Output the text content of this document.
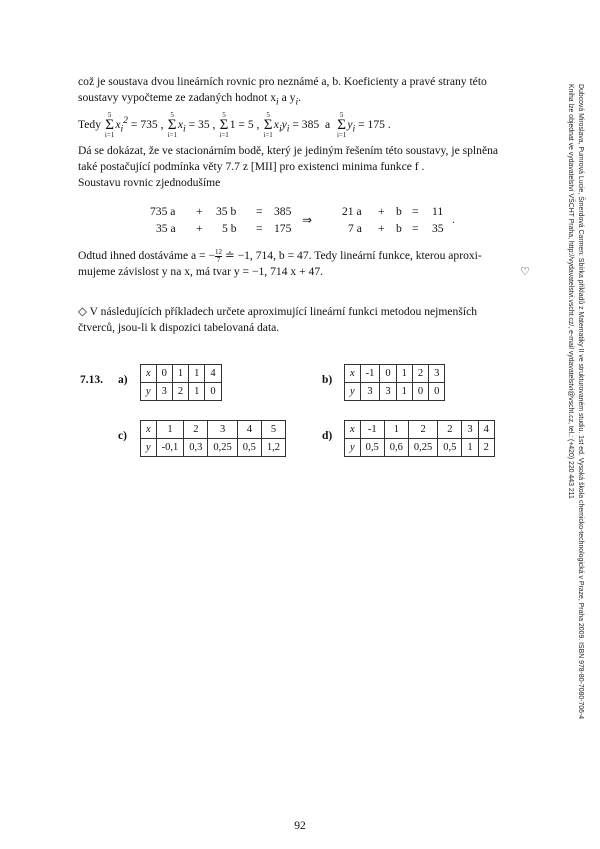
což je soustava dvou lineárních rovnic pro neznámé a, b. Koeficienty a pravé strany této
soustavy vypočteme ze zadaných hodnot $x_i$ a $y_i$.
Tedy
5
Σ
i=1
$x_i^2 = 735$ ,
5
Σ
i=1
$x_i = 35$ ,
5
Σ
i=1
1 = 5 ,
5
Σ
i=1
$x_iy_i = 385$ a
5
Σ
i=1
$y_i = 175$ .
Dá se dokázat, že ve stacionárním bodě, který je jediným řešením této soustavy, je splněna
také postačující podmínka věty 7.7 z [MII] pro existenci minima funkce f .
Soustavu rovnic zjednodušíme
735 a + 35 b = 385	21 a + b = 11
35 a + 5 b = 175	7 a + b = 35
.
⇒
Odtud ihned dostáváme a = − $\frac{12}{7}$ ≐ −1, 714, b = 47. Tedy lineární funkce, kterou aproxi-
mujeme závislost y na x, má tvar y = −1, 714 x + 47.	♡
◇ V následujících příkladech určete aproximující lineární funkci metodou nejmenších
čtverců, jsou-li k dispozici tabelovaná data.
7.13. a)
x	0	1	1	4
y	3	2	1	0
b)
x	-1	0	1	2	3
y	3	3	1	0	0
c)
x	1	2	3	4	5
y	-0,1	0,3	0,25	0,5	1,2
d)
x	-1	1	2	2	3	4
y	0,5	0,6	0,25	0,5	1	2	Dubcová Miroslava, Pumrová Lucie, Šmerdová Carmen: Sbírka příkladů z Matematiky II ve strukturovaném studiu. 1st ed. Vysoká škola chemicko-technologická v Praze, Praha 2009. ISBN 978-80-7080-706-4
Kniha lze objednat ve vydavatelství VŠCHT Praha, http://vydavatelstvi.vscht.cz/, e-mail vydavatelstvi@vscht.cz, tel.: (+420) 220 443 211
92
